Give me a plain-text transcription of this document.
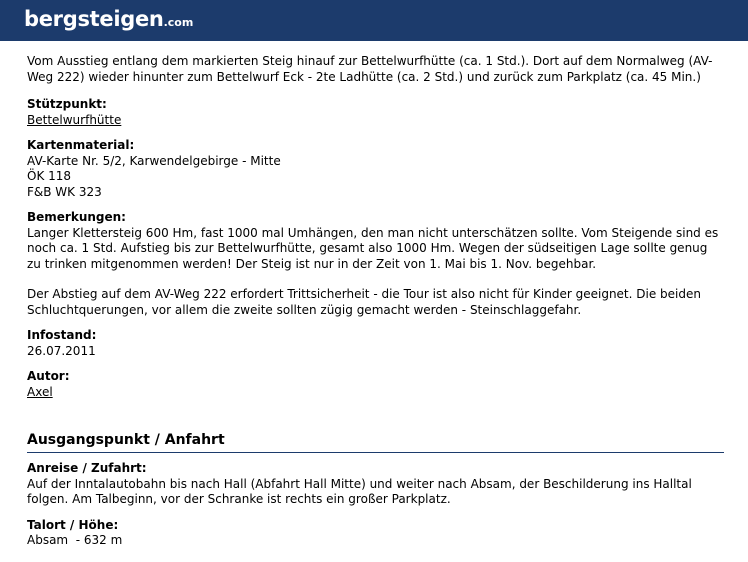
bergsteigen.com

Vom Ausstieg entlang dem markierten Steig hinauf zur Bettelwurfhütte (ca. 1 Std.). Dort auf dem Normalweg (AV-Weg 222) wieder hinunter zum Bettelwurf Eck - 2te Ladhütte (ca. 2 Std.) und zurück zum Parkplatz (ca. 45 Min.)

Stützpunkt:
Bettelwurfhütte
Kartenmaterial:
AV-Karte Nr. 5/2, Karwendelgebirge - Mitte
ÖK 118
F&B WK 323
Bemerkungen:

Langer Klettersteig 600 Hm, fast 1000 mal Umhängen, den man nicht unterschätzen sollte. Vom Steigende sind es noch ca. 1 Std. Aufstieg bis zur Bettelwurfhütte, gesamt also 1000 Hm. Wegen der südseitigen Lage sollte genug zu trinken mitgenommen werden! Der Steig ist nur in der Zeit von 1. Mai bis 1. Nov. begehbar.

Der Abstieg auf dem AV-Weg 222 erfordert Trittsicherheit - die Tour ist also nicht für Kinder geeignet. Die beiden Schluchtquerungen, vor allem die zweite sollten zügig gemacht werden - Steinschlaggefahr.

Infostand:
26.07.2011
Autor:
Axel
Ausgangspunkt / Anfahrt
Anreise / Zufahrt:

Auf der Inntalautobahn bis nach Hall (Abfahrt Hall Mitte) und weiter nach Absam, der Beschilderung ins Halltal folgen. Am Talbeginn, vor der Schranke ist rechts ein großer Parkplatz.

Talort / Höhe:
Absam  - 632 m
